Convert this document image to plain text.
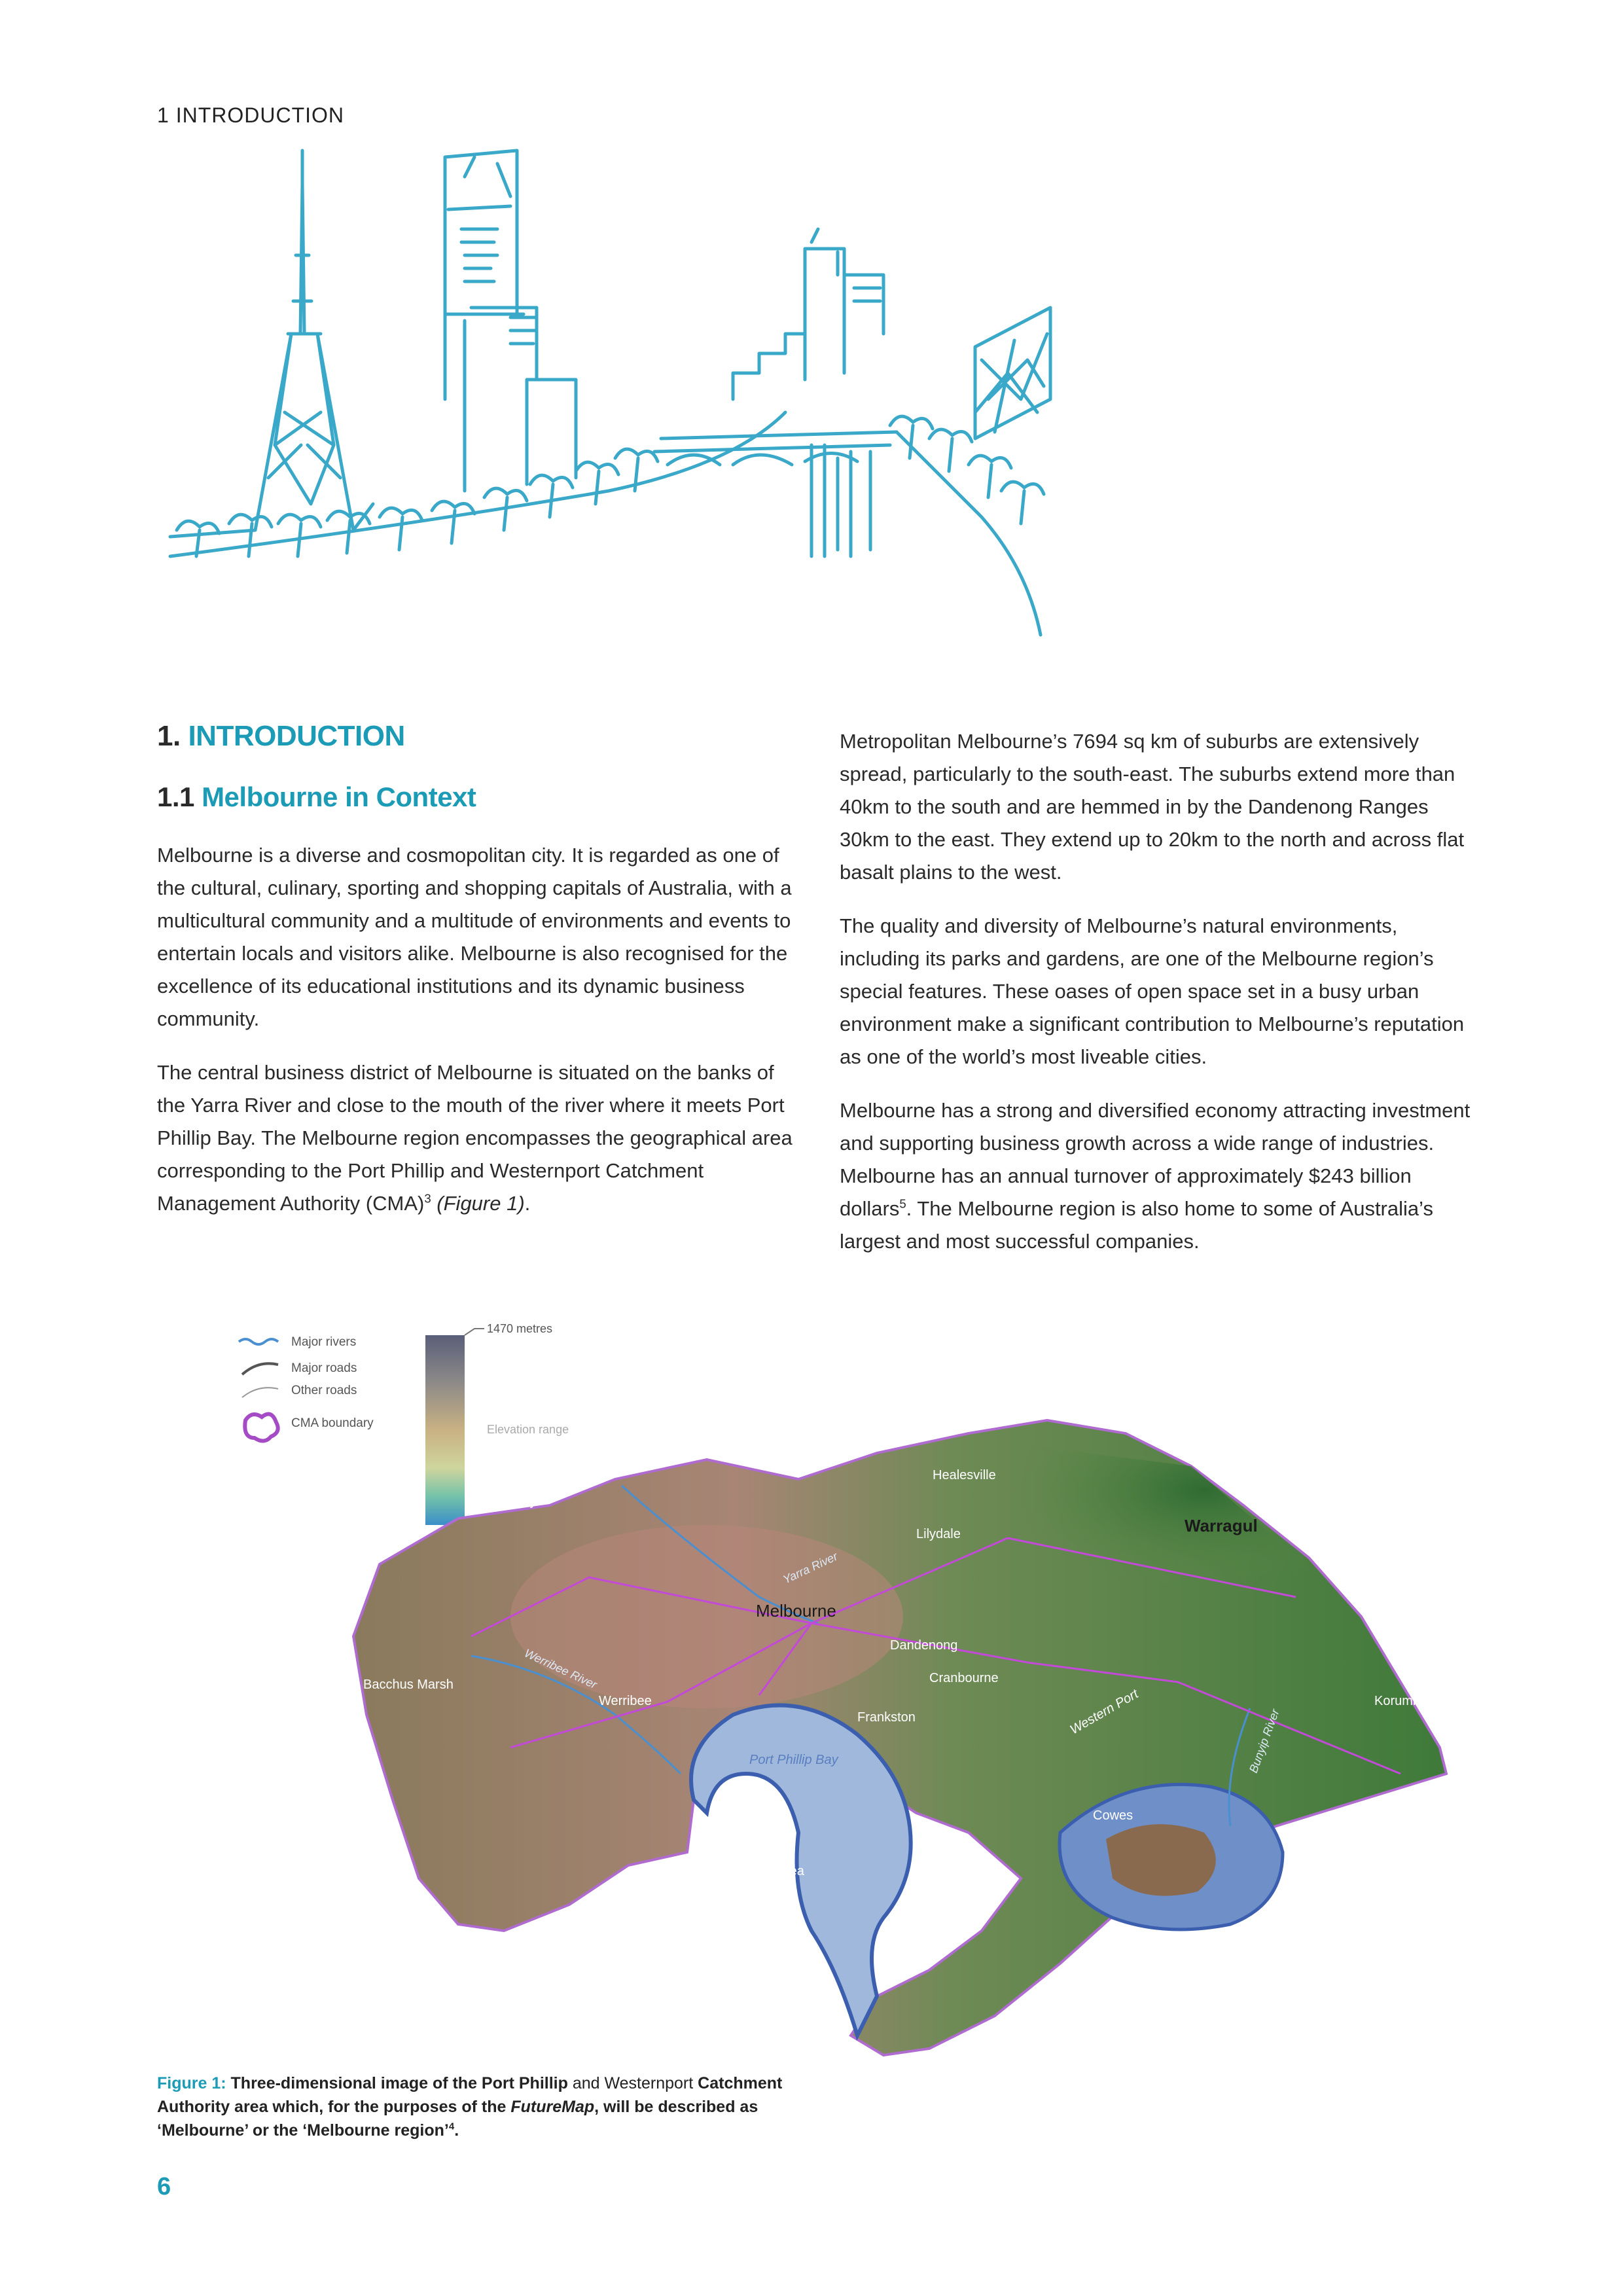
1 INTRODUCTION
1. INTRODUCTION
1.1 Melbourne in Context

Melbourne is a diverse and cosmopolitan city. It is regarded as one of the cultural, culinary, sporting and shopping capitals of Australia, with a multicultural community and a multitude of environments and events to entertain locals and visitors alike. Melbourne is also recognised for the excellence of its educational institutions and its dynamic business community.

The central business district of Melbourne is situated on the banks of the Yarra River and close to the mouth of the river where it meets Port Phillip Bay. The Melbourne region encompasses the geographical area corresponding to the Port Phillip and Westernport Catchment Management Authority (CMA)$^3$ (Figure 1).

Metropolitan Melbourne’s 7694 sq km of suburbs are extensively spread, particularly to the south-east. The suburbs extend more than 40km to the south and are hemmed in by the Dandenong Ranges 30km to the east. They extend up to 20km to the north and across flat basalt plains to the west.

The quality and diversity of Melbourne’s natural environments, including its parks and gardens, are one of the Melbourne region’s special features. These oases of open space set in a busy urban environment make a significant contribution to Melbourne’s reputation as one of the world’s most liveable cities.

Melbourne has a strong and diversified economy attracting investment and supporting business growth across a wide range of industries. Melbourne has an annual turnover of approximately $243 billion dollars$^5$. The Melbourne region is also home to some of Australia’s largest and most successful companies.

Major rivers
Major roads
Other roads
CMA boundary
1470 metres
Elevation range
Warragul
Melbourne
Healesville
Lilydale
Dandenong
Cranbourne
Frankston
Sunbury
Bacchus Marsh
Werribee
Port Phillip Bay
Western Port
Cowes
Portsea
Korumburra
Yarra River
Werribee River
Bunyip River
Figure 1: Three-dimensional image of the Port Phillip and Westernport Catchment Authority area which, for the purposes of the FutureMap, will be described as ‘Melbourne’ or the ‘Melbourne region’$^4$.
6
